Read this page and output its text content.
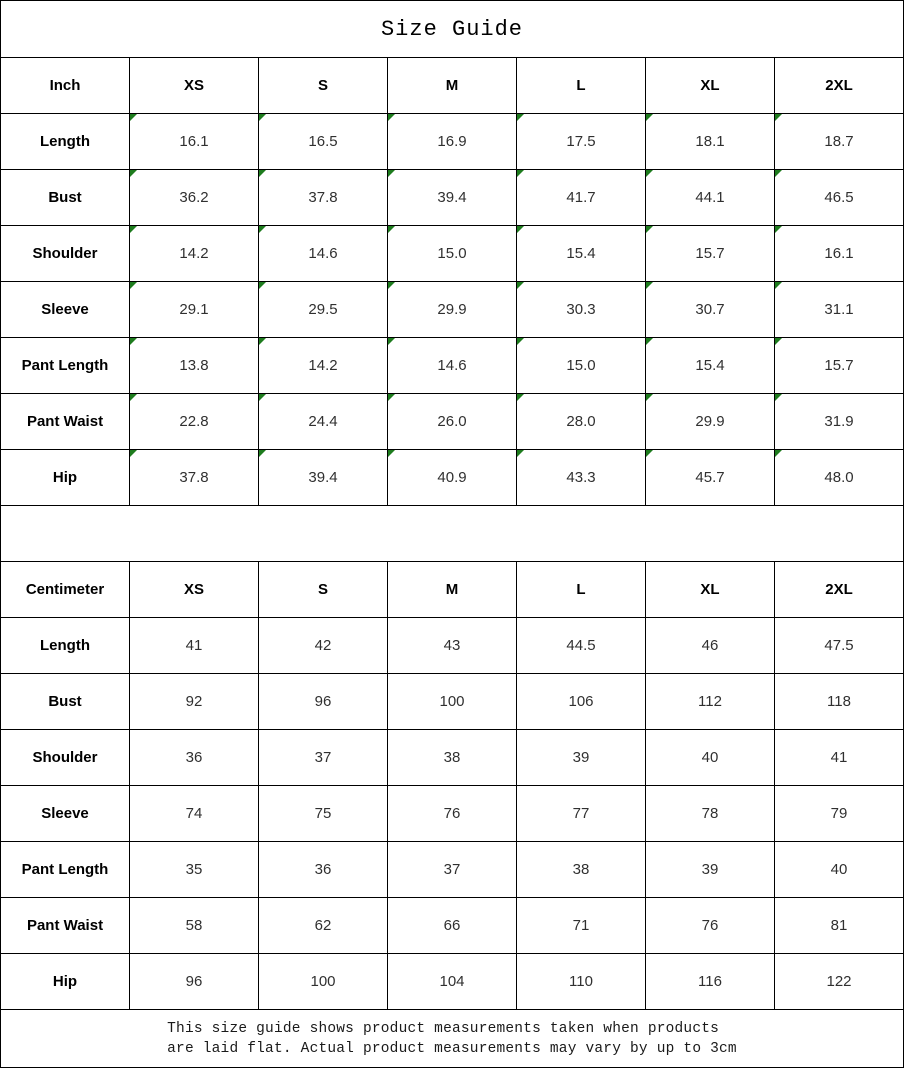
Size Guide						
Inch	XS	S	M	L	XL	2XL
Length	16.1	16.5	16.9	17.5	18.1	18.7
Bust	36.2	37.8	39.4	41.7	44.1	46.5
Shoulder	14.2	14.6	15.0	15.4	15.7	16.1
Sleeve	29.1	29.5	29.9	30.3	30.7	31.1
Pant Length	13.8	14.2	14.6	15.0	15.4	15.7
Pant Waist	22.8	24.4	26.0	28.0	29.9	31.9
Hip	37.8	39.4	40.9	43.3	45.7	48.0

Centimeter	XS	S	M	L	XL	2XL
Length	41	42	43	44.5	46	47.5
Bust	92	96	100	106	112	118
Shoulder	36	37	38	39	40	41
Sleeve	74	75	76	77	78	79
Pant Length	35	36	37	38	39	40
Pant Waist	58	62	66	71	76	81
Hip	96	100	104	110	116	122

This size guide shows product measurements taken when products
are laid flat. Actual product measurements may vary by up to 3cm						
